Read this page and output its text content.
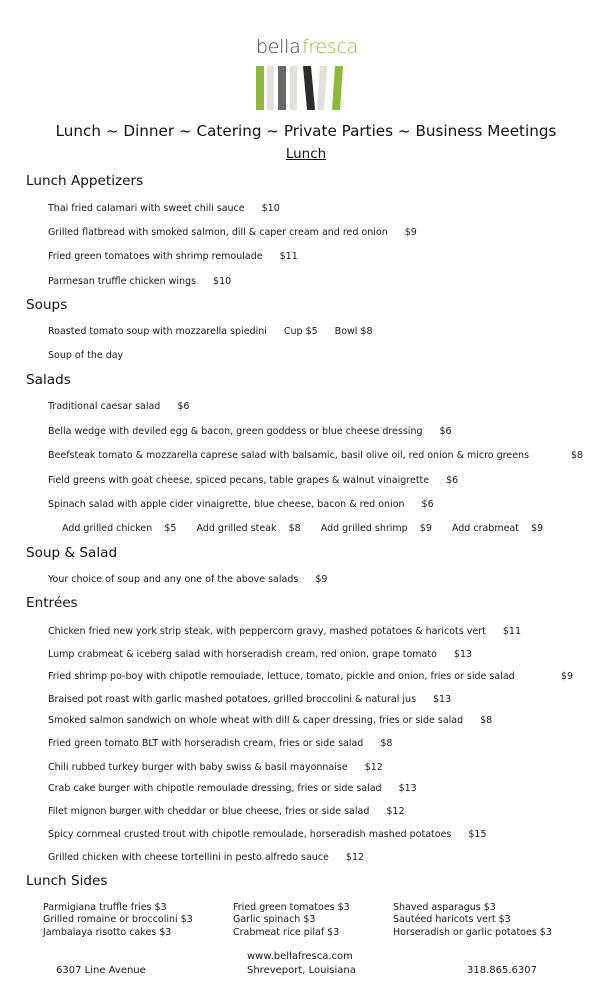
bella fresca
Lunch ~ Dinner ~ Catering ~ Private Parties ~ Business Meetings
Lunch
Lunch Appetizers
Thai fried calamari with sweet chili sauce $10
Grilled flatbread with smoked salmon, dill & caper cream and red onion $9
Fried green tomatoes with shrimp remoulade $11
Parmesan truffle chicken wings $10
Soups
Roasted tomato soup with mozzarella spiedini Cup $5 Bowl $8
Soup of the day
Salads
Traditional caesar salad $6
Bella wedge with deviled egg & bacon, green goddess or blue cheese dressing $6
Beefsteak tomato & mozzarella caprese salad with balsamic, basil olive oil, red onion & micro greens	$8
Field greens with goat cheese, spiced pecans, table grapes & walnut vinaigrette $6
Spinach salad with apple cider vinaigrette, blue cheese, bacon & red onion $6
Add grilled chicken $5 Add grilled steak $8 Add grilled shrimp $9 Add crabmeat $9
Soup & Salad
Your choice of soup and any one of the above salads $9
Entrées
Chicken fried new york strip steak, with peppercorn gravy, mashed potatoes & haricots vert $11
Lump crabmeat & iceberg salad with horseradish cream, red onion, grape tomato $13
Fried shrimp po-boy with chipotle remoulade, lettuce, tomato, pickle and onion, fries or side salad	$9
Braised pot roast with garlic mashed potatoes, grilled broccolini & natural jus $13
Smoked salmon sandwich on whole wheat with dill & caper dressing, fries or side salad $8
Fried green tomato BLT with horseradish cream, fries or side salad $8
Chili rubbed turkey burger with baby swiss & basil mayonnaise $12
Crab cake burger with chipotle remoulade dressing, fries or side salad $13
Filet mignon burger with cheddar or blue cheese, fries or side salad $12
Spicy cornmeal crusted trout with chipotle remoulade, horseradish mashed potatoes $15
Grilled chicken with cheese tortellini in pesto alfredo sauce $12
Lunch Sides
Parmigiana truffle fries $3
Grilled romaine or broccolini $3
Jambalaya risotto cakes $3
Fried green tomatoes $3
Garlic spinach $3
Crabmeat rice pilaf $3
Shaved asparagus $3
Sautéed haricots vert $3
Horseradish or garlic potatoes $3
www.bellafresca.com
6307 Line Avenue	Shreveport, Louisiana	318.865.6307
